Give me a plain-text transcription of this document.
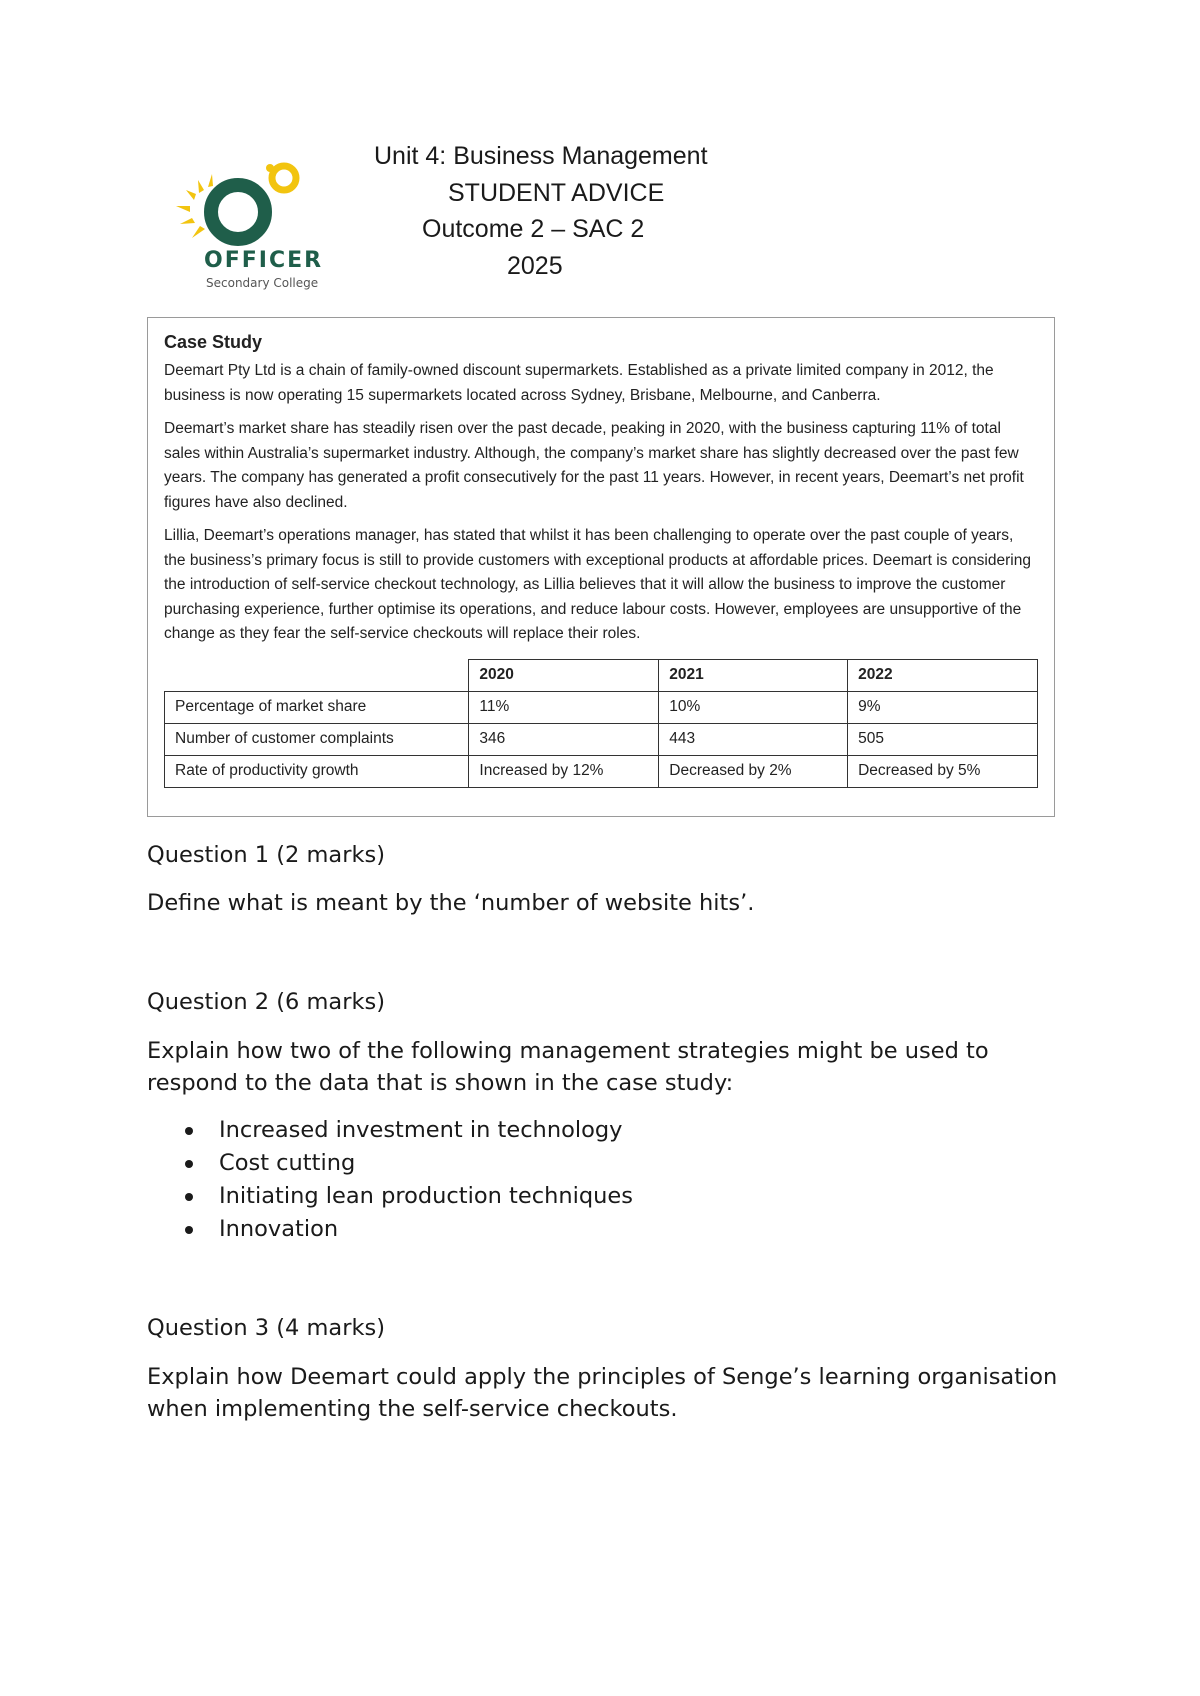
OFFICER
Secondary College
Unit 4: Business Management
STUDENT ADVICE
Outcome 2 – SAC 2
2025
Case Study

Deemart Pty Ltd is a chain of family-owned discount supermarkets. Established as a private limited company in 2012, the business is now operating 15 supermarkets located across Sydney, Brisbane, Melbourne, and Canberra.

Deemart’s market share has steadily risen over the past decade, peaking in 2020, with the business capturing 11% of total sales within Australia’s supermarket industry. Although, the company’s market share has slightly decreased over the past few years. The company has generated a profit consecutively for the past 11 years. However, in recent years, Deemart’s net profit figures have also declined.

Lillia, Deemart’s operations manager, has stated that whilst it has been challenging to operate over the past couple of years, the business’s primary focus is still to provide customers with exceptional products at affordable prices. Deemart is considering the introduction of self-service checkout technology, as Lillia believes that it will allow the business to improve the customer purchasing experience, further optimise its operations, and reduce labour costs. However, employees are unsupportive of the change as they fear the self-service checkouts will replace their roles.

	2020	2021	2022
Percentage of market share	11%	10%	9%
Number of customer complaints	346	443	505
Rate of productivity growth	Increased by 12%	Decreased by 2%	Decreased by 5%

Question 1 (2 marks)

Define what is meant by the ‘number of website hits’.

Question 2 (6 marks)

Explain how two of the following management strategies might be used to respond to the data that is shown in the case study:

Increased investment in technology
Cost cutting
Initiating lean production techniques
Innovation

Question 3 (4 marks)

Explain how Deemart could apply the principles of Senge’s learning organisation when implementing the self-service checkouts.
